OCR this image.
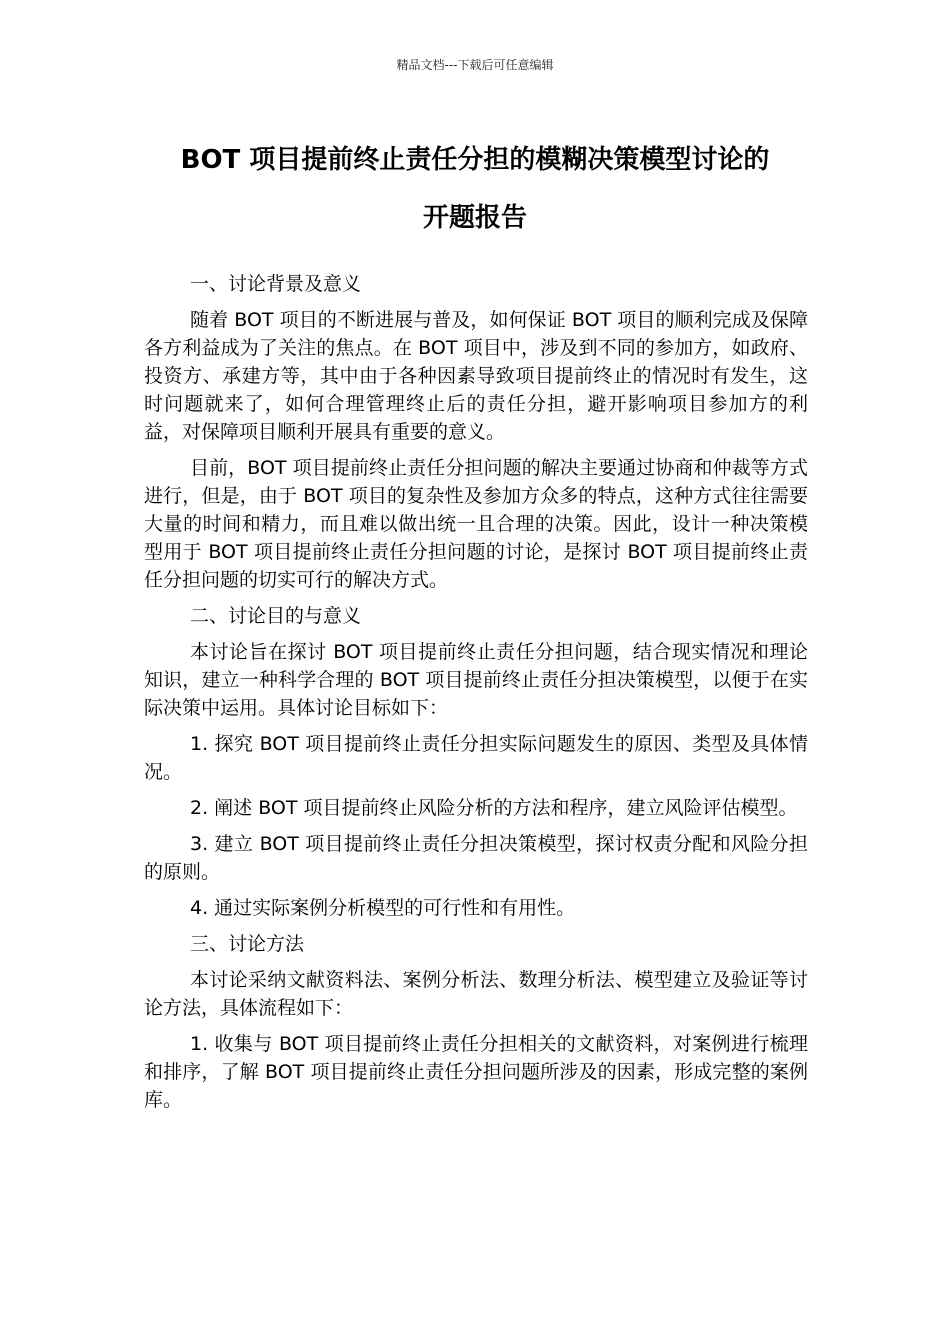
精品文档---下载后可任意编辑
BOT 项目提前终止责任分担的模糊决策模型讨论的
开题报告

一、讨论背景及意义

随着 BOT 项目的不断进展与普及，如何保证 BOT 项目的顺利完成及保障各方利益成为了关注的焦点。在 BOT 项目中，涉及到不同的参加方，如政府、投资方、承建方等，其中由于各种因素导致项目提前终止的情况时有发生，这时问题就来了，如何合理管理终止后的责任分担，避开影响项目参加方的利益，对保障项目顺利开展具有重要的意义。

目前，BOT 项目提前终止责任分担问题的解决主要通过协商和仲裁等方式进行，但是，由于 BOT 项目的复杂性及参加方众多的特点，这种方式往往需要大量的时间和精力，而且难以做出统一且合理的决策。因此，设计一种决策模型用于 BOT 项目提前终止责任分担问题的讨论，是探讨 BOT 项目提前终止责任分担问题的切实可行的解决方式。

二、讨论目的与意义

本讨论旨在探讨 BOT 项目提前终止责任分担问题，结合现实情况和理论知识，建立一种科学合理的 BOT 项目提前终止责任分担决策模型，以便于在实际决策中运用。具体讨论目标如下：

1. 探究 BOT 项目提前终止责任分担实际问题发生的原因、类型及具体情况。

2. 阐述 BOT 项目提前终止风险分析的方法和程序，建立风险评估模型。

3. 建立 BOT 项目提前终止责任分担决策模型，探讨权责分配和风险分担的原则。

4. 通过实际案例分析模型的可行性和有用性。

三、讨论方法

本讨论采纳文献资料法、案例分析法、数理分析法、模型建立及验证等讨论方法，具体流程如下：

1. 收集与 BOT 项目提前终止责任分担相关的文献资料，对案例进行梳理和排序，了解 BOT 项目提前终止责任分担问题所涉及的因素，形成完整的案例库。
